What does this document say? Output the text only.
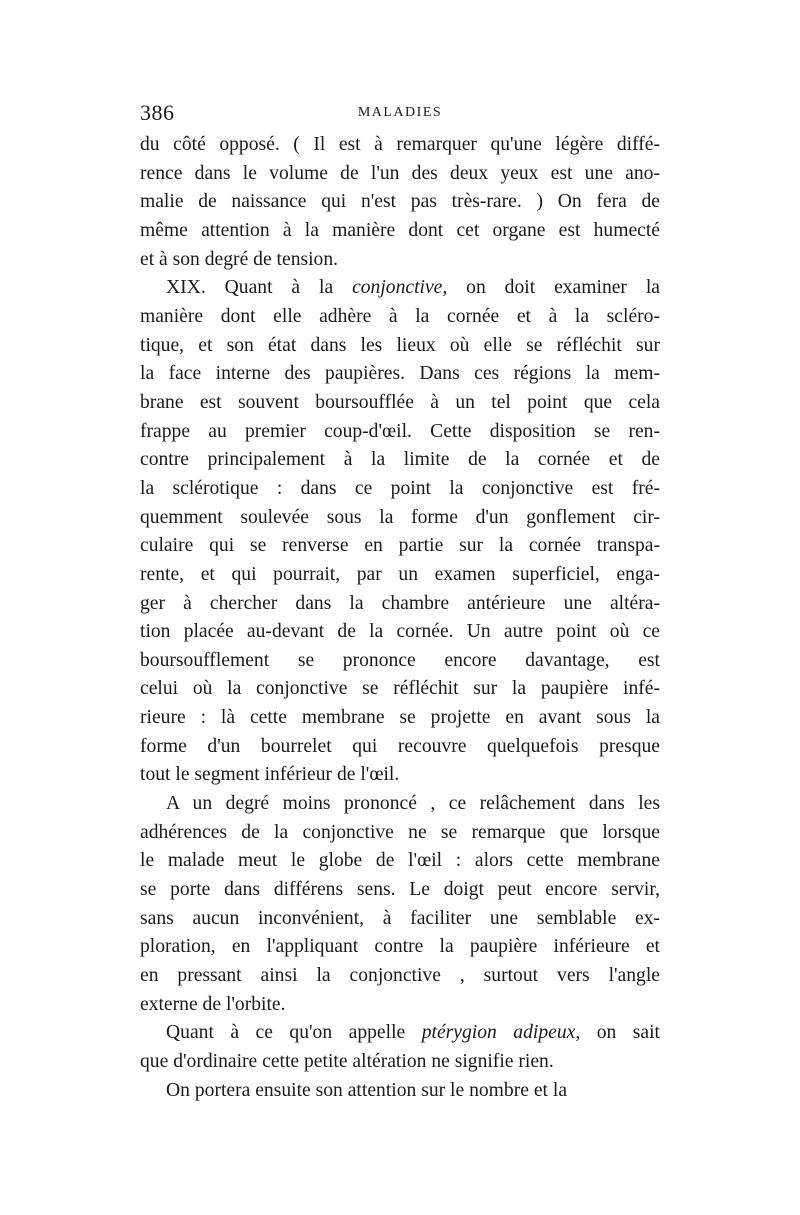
386	MALADIES
du côté opposé. ( Il est à remarquer qu'une légère diffé-
rence dans le volume de l'un des deux yeux est une ano-
malie de naissance qui n'est pas très-rare. ) On fera de
même attention à la manière dont cet organe est humecté
et à son degré de tension.
XIX. Quant à la conjonctive, on doit examiner la
manière dont elle adhère à la cornée et à la scléro-
tique, et son état dans les lieux où elle se réfléchit sur
la face interne des paupières. Dans ces régions la mem-
brane est souvent boursoufflée à un tel point que cela
frappe au premier coup-d'œil. Cette disposition se ren-
contre principalement à la limite de la cornée et de
la sclérotique : dans ce point la conjonctive est fré-
quemment soulevée sous la forme d'un gonflement cir-
culaire qui se renverse en partie sur la cornée transpa-
rente, et qui pourrait, par un examen superficiel, enga-
ger à chercher dans la chambre antérieure une altéra-
tion placée au-devant de la cornée. Un autre point où ce
boursoufflement se prononce encore davantage, est
celui où la conjonctive se réfléchit sur la paupière infé-
rieure : là cette membrane se projette en avant sous la
forme d'un bourrelet qui recouvre quelquefois presque
tout le segment inférieur de l'œil.
A un degré moins prononcé , ce relâchement dans les
adhérences de la conjonctive ne se remarque que lorsque
le malade meut le globe de l'œil : alors cette membrane
se porte dans différens sens. Le doigt peut encore servir,
sans aucun inconvénient, à faciliter une semblable ex-
ploration, en l'appliquant contre la paupière inférieure et
en pressant ainsi la conjonctive , surtout vers l'angle
externe de l'orbite.
Quant à ce qu'on appelle ptérygion adipeux, on sait
que d'ordinaire cette petite altération ne signifie rien.
On portera ensuite son attention sur le nombre et la
